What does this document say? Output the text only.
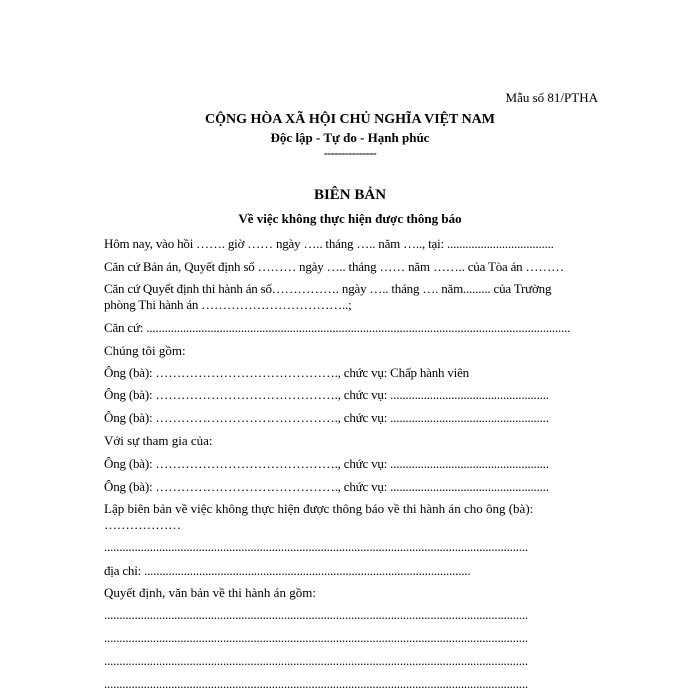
Mẫu số 81/PTHA
CỘNG HÒA XÃ HỘI CHỦ NGHĨA VIỆT NAM
Độc lập - Tự do - Hạnh phúc
---------------
BIÊN BẢN
Về việc không thực hiện được thông báo
Hôm nay, vào hồi ……. giờ …… ngày ….. tháng ….. năm ….., tại: ...................................
Căn cứ Bản án, Quyết định số ……… ngày ….. tháng …… năm …….. của Tòa án ………
Căn cứ Quyết định thi hành án số……………. ngày ….. tháng …. năm......... của Trường
phòng Thi hành án ……………………………..;
Căn cứ: ...........................................................................................................................................
Chúng tôi gồm:
Ông (bà): ……………………………………., chức vụ: Chấp hành viên
Ông (bà): ……………………………………., chức vụ: ....................................................
Ông (bà): ……………………………………., chức vụ: ....................................................
Với sự tham gia của:
Ông (bà): ……………………………………., chức vụ: ....................................................
Ông (bà): ……………………………………., chức vụ: ....................................................
Lập biên bản về việc không thực hiện được thông báo về thi hành án cho ông (bà):
………………
...........................................................................................................................................
địa chỉ: ...........................................................................................................
Quyết định, văn bản về thi hành án gồm:
...........................................................................................................................................
...........................................................................................................................................
...........................................................................................................................................
...........................................................................................................................................
